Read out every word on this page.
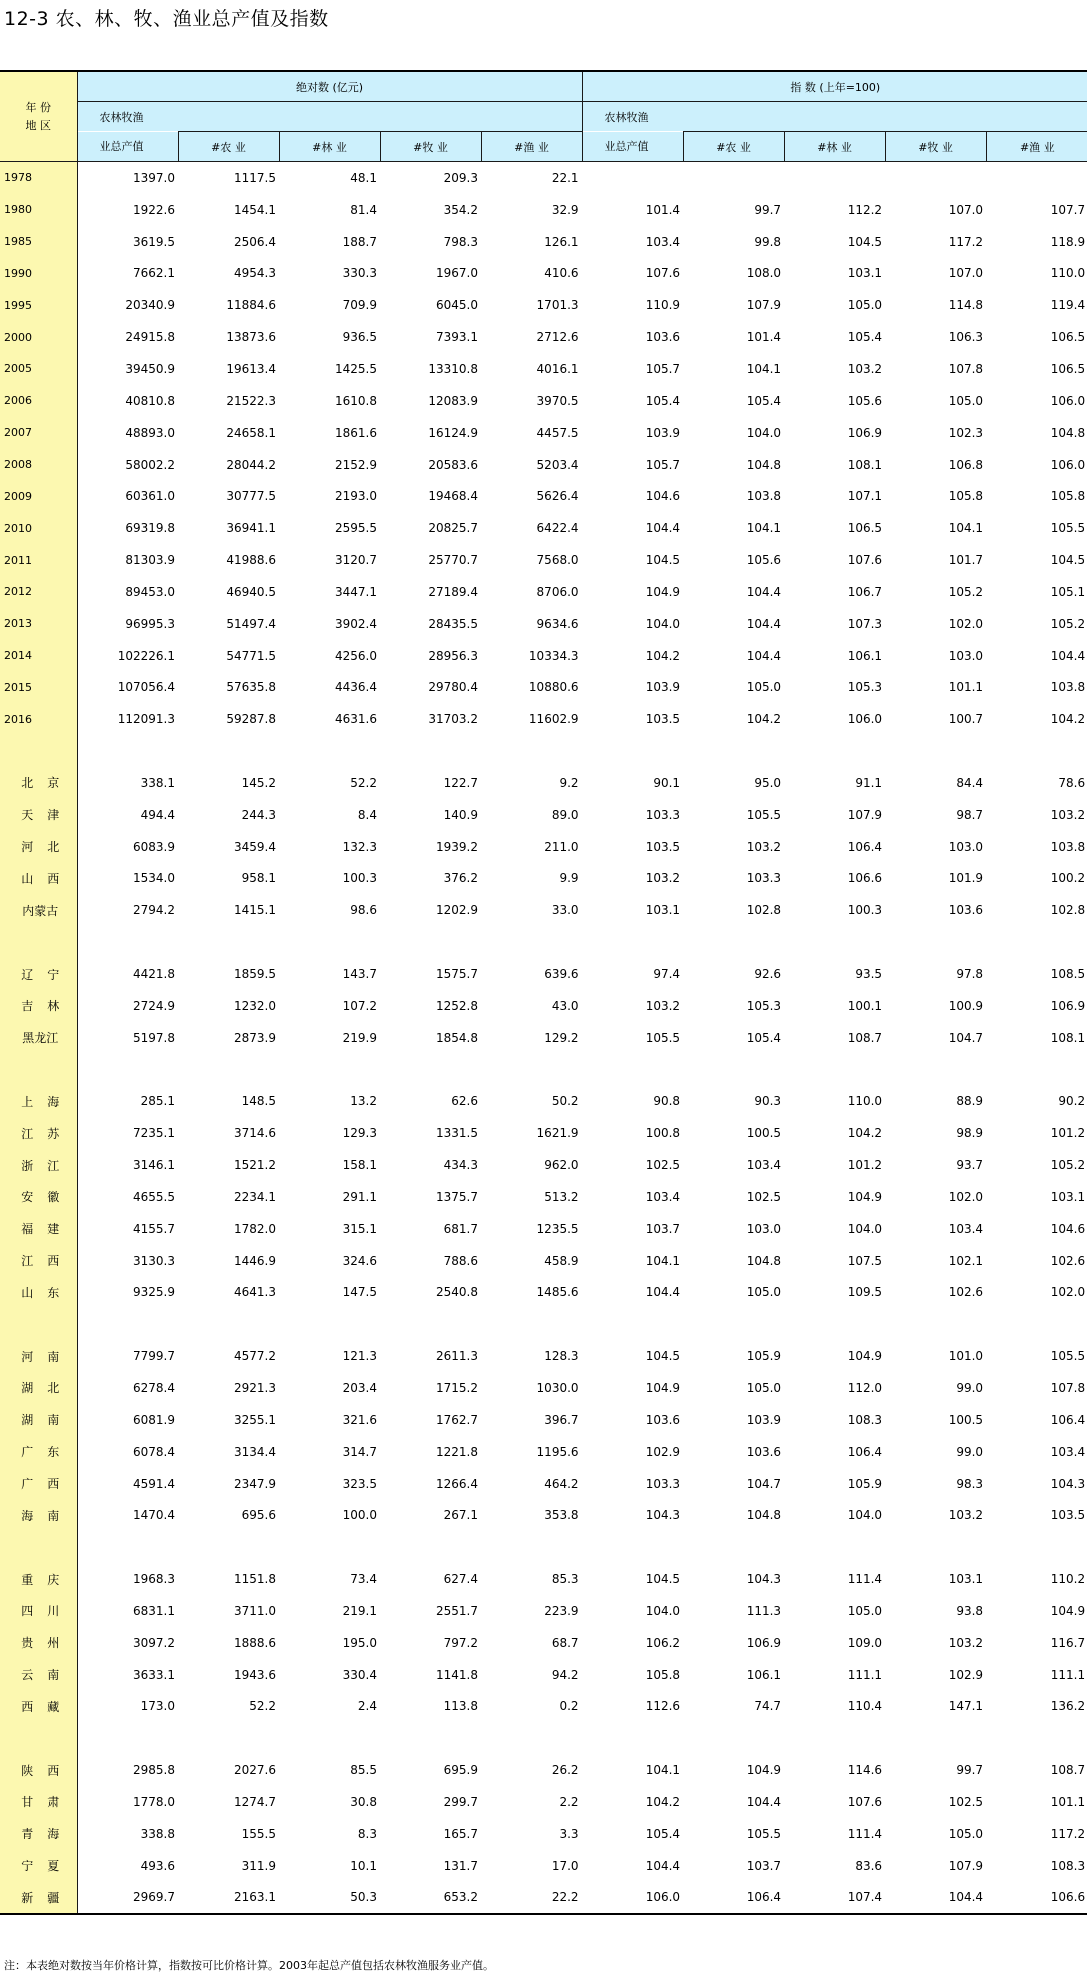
12-3 农、林、牧、渔业总产值及指数
年 份
地 区	绝对数 (亿元)					指 数 (上年=100)				
	农林牧渔					农林牧渔				
	业总产值	#农 业	#林 业	#牧 业	#渔 业	业总产值	#农 业	#林 业	#牧 业	#渔 业
1978	1397.0	1117.5	48.1	209.3	22.1					
1980	1922.6	1454.1	81.4	354.2	32.9	101.4	99.7	112.2	107.0	107.7
1985	3619.5	2506.4	188.7	798.3	126.1	103.4	99.8	104.5	117.2	118.9
1990	7662.1	4954.3	330.3	1967.0	410.6	107.6	108.0	103.1	107.0	110.0
1995	20340.9	11884.6	709.9	6045.0	1701.3	110.9	107.9	105.0	114.8	119.4
2000	24915.8	13873.6	936.5	7393.1	2712.6	103.6	101.4	105.4	106.3	106.5
2005	39450.9	19613.4	1425.5	13310.8	4016.1	105.7	104.1	103.2	107.8	106.5
2006	40810.8	21522.3	1610.8	12083.9	3970.5	105.4	105.4	105.6	105.0	106.0
2007	48893.0	24658.1	1861.6	16124.9	4457.5	103.9	104.0	106.9	102.3	104.8
2008	58002.2	28044.2	2152.9	20583.6	5203.4	105.7	104.8	108.1	106.8	106.0
2009	60361.0	30777.5	2193.0	19468.4	5626.4	104.6	103.8	107.1	105.8	105.8
2010	69319.8	36941.1	2595.5	20825.7	6422.4	104.4	104.1	106.5	104.1	105.5
2011	81303.9	41988.6	3120.7	25770.7	7568.0	104.5	105.6	107.6	101.7	104.5
2012	89453.0	46940.5	3447.1	27189.4	8706.0	104.9	104.4	106.7	105.2	105.1
2013	96995.3	51497.4	3902.4	28435.5	9634.6	104.0	104.4	107.3	102.0	105.2
2014	102226.1	54771.5	4256.0	28956.3	10334.3	104.2	104.4	106.1	103.0	104.4
2015	107056.4	57635.8	4436.4	29780.4	10880.6	103.9	105.0	105.3	101.1	103.8
2016	112091.3	59287.8	4631.6	31703.2	11602.9	103.5	104.2	106.0	100.7	104.2

北京	338.1	145.2	52.2	122.7	9.2	90.1	95.0	91.1	84.4	78.6
天津	494.4	244.3	8.4	140.9	89.0	103.3	105.5	107.9	98.7	103.2
河北	6083.9	3459.4	132.3	1939.2	211.0	103.5	103.2	106.4	103.0	103.8
山西	1534.0	958.1	100.3	376.2	9.9	103.2	103.3	106.6	101.9	100.2
内蒙古	2794.2	1415.1	98.6	1202.9	33.0	103.1	102.8	100.3	103.6	102.8

辽宁	4421.8	1859.5	143.7	1575.7	639.6	97.4	92.6	93.5	97.8	108.5
吉林	2724.9	1232.0	107.2	1252.8	43.0	103.2	105.3	100.1	100.9	106.9
黑龙江	5197.8	2873.9	219.9	1854.8	129.2	105.5	105.4	108.7	104.7	108.1

上海	285.1	148.5	13.2	62.6	50.2	90.8	90.3	110.0	88.9	90.2
江苏	7235.1	3714.6	129.3	1331.5	1621.9	100.8	100.5	104.2	98.9	101.2
浙江	3146.1	1521.2	158.1	434.3	962.0	102.5	103.4	101.2	93.7	105.2
安徽	4655.5	2234.1	291.1	1375.7	513.2	103.4	102.5	104.9	102.0	103.1
福建	4155.7	1782.0	315.1	681.7	1235.5	103.7	103.0	104.0	103.4	104.6
江西	3130.3	1446.9	324.6	788.6	458.9	104.1	104.8	107.5	102.1	102.6
山东	9325.9	4641.3	147.5	2540.8	1485.6	104.4	105.0	109.5	102.6	102.0

河南	7799.7	4577.2	121.3	2611.3	128.3	104.5	105.9	104.9	101.0	105.5
湖北	6278.4	2921.3	203.4	1715.2	1030.0	104.9	105.0	112.0	99.0	107.8
湖南	6081.9	3255.1	321.6	1762.7	396.7	103.6	103.9	108.3	100.5	106.4
广东	6078.4	3134.4	314.7	1221.8	1195.6	102.9	103.6	106.4	99.0	103.4
广西	4591.4	2347.9	323.5	1266.4	464.2	103.3	104.7	105.9	98.3	104.3
海南	1470.4	695.6	100.0	267.1	353.8	104.3	104.8	104.0	103.2	103.5

重庆	1968.3	1151.8	73.4	627.4	85.3	104.5	104.3	111.4	103.1	110.2
四川	6831.1	3711.0	219.1	2551.7	223.9	104.0	111.3	105.0	93.8	104.9
贵州	3097.2	1888.6	195.0	797.2	68.7	106.2	106.9	109.0	103.2	116.7
云南	3633.1	1943.6	330.4	1141.8	94.2	105.8	106.1	111.1	102.9	111.1
西藏	173.0	52.2	2.4	113.8	0.2	112.6	74.7	110.4	147.1	136.2

陕西	2985.8	2027.6	85.5	695.9	26.2	104.1	104.9	114.6	99.7	108.7
甘肃	1778.0	1274.7	30.8	299.7	2.2	104.2	104.4	107.6	102.5	101.1
青海	338.8	155.5	8.3	165.7	3.3	105.4	105.5	111.4	105.0	117.2
宁夏	493.6	311.9	10.1	131.7	17.0	104.4	103.7	83.6	107.9	108.3
新疆	2969.7	2163.1	50.3	653.2	22.2	106.0	106.4	107.4	104.4	106.6
注：本表绝对数按当年价格计算，指数按可比价格计算。2003年起总产值包括农林牧渔服务业产值。
